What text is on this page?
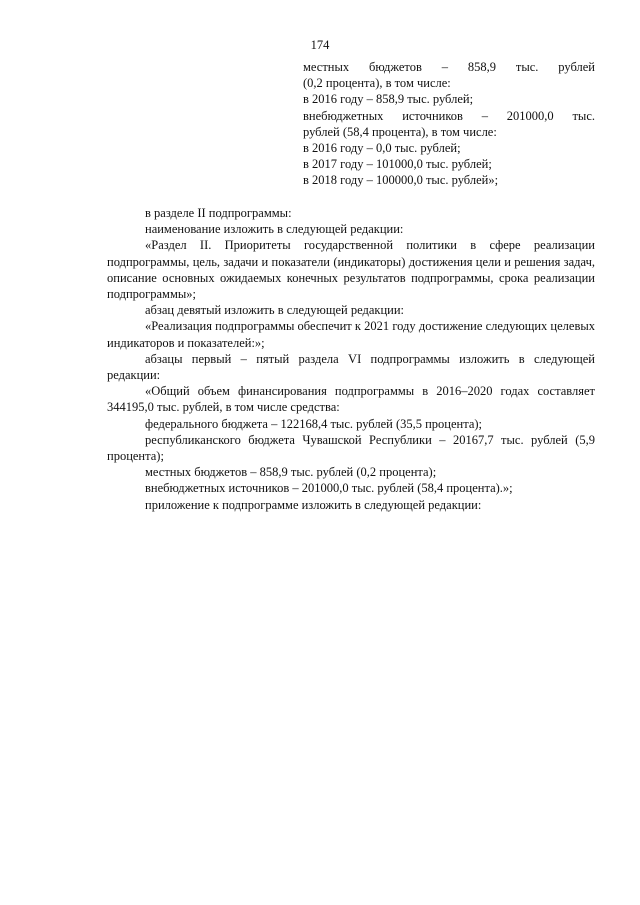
174

местных бюджетов – 858,9 тыс. рублей

(0,2 процента), в том числе:

в 2016 году – 858,9 тыс. рублей;

внебюджетных источников – 201000,0 тыс.

рублей (58,4 процента), в том числе:

в 2016 году – 0,0 тыс. рублей;

в 2017 году – 101000,0 тыс. рублей;

в 2018 году – 100000,0 тыс. рублей»;

в разделе II подпрограммы:

наименование изложить в следующей редакции:

«Раздел II. Приоритеты государственной политики в сфере реализации подпрограммы, цель, задачи и показатели (индикаторы) достижения цели и решения задач, описание основных ожидаемых конечных результатов подпрограммы, срока реализации подпрограммы»;

абзац девятый изложить в следующей редакции:

«Реализация подпрограммы обеспечит к 2021 году достижение следующих целевых индикаторов и показателей:»;

абзацы первый – пятый раздела VI подпрограммы изложить в следующей редакции:

«Общий объем финансирования подпрограммы в 2016–2020 годах составляет 344195,0 тыс. рублей, в том числе средства:

федерального бюджета – 122168,4 тыс. рублей (35,5 процента);

республиканского бюджета Чувашской Республики – 20167,7 тыс. рублей (5,9 процента);

местных бюджетов – 858,9 тыс. рублей (0,2 процента);

внебюджетных источников – 201000,0 тыс. рублей (58,4 процента).»;

приложение к подпрограмме изложить в следующей редакции:
